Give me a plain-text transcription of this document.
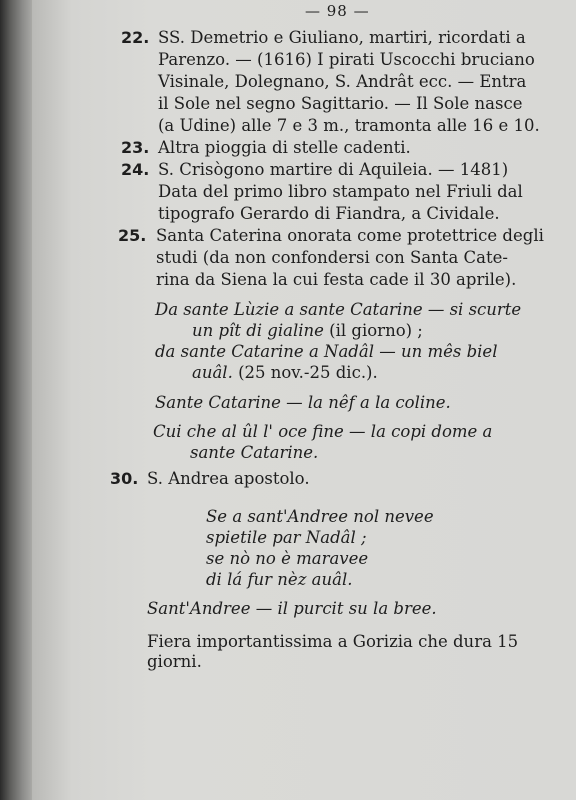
— 98 —
22. SS. Demetrio e Giuliano, martiri, ricordati a
Parenzo. — (1616) I pirati Uscocchi bruciano
Visinale, Dolegnano, S. Andrât ecc. — Entra
il Sole nel segno Sagittario. — Il Sole nasce
(a Udine) alle 7 e 3 m., tramonta alle 16 e 10.
23. Altra pioggia di stelle cadenti.
24. S. Crisògono martire di Aquileia. — 1481)
Data del primo libro stampato nel Friuli dal
tipografo Gerardo di Fiandra, a Cividale.
25. Santa Caterina onorata come protettrice degli
studi (da non confondersi con Santa Cate-
rina da Siena la cui festa cade il 30 aprile).
Da sante Lùzie a sante Catarine — si scurte
un pît di gialine (il giorno) ;
da sante Catarine a Nadâl — un mês biel
auâl. (25 nov.-25 dic.).
Sante Catarine — la nêf a la coline.
Cui che al ûl l' oce fine — la copi dome a
sante Catarine.
30. S. Andrea apostolo.
Se a sant'Andree nol nevee
spietile par Nadâl ;
se nò no è maravee
di lá fur nèz auâl.
Sant'Andree — il purcit su la bree.
Fiera importantissima a Gorizia che dura 15
giorni.
